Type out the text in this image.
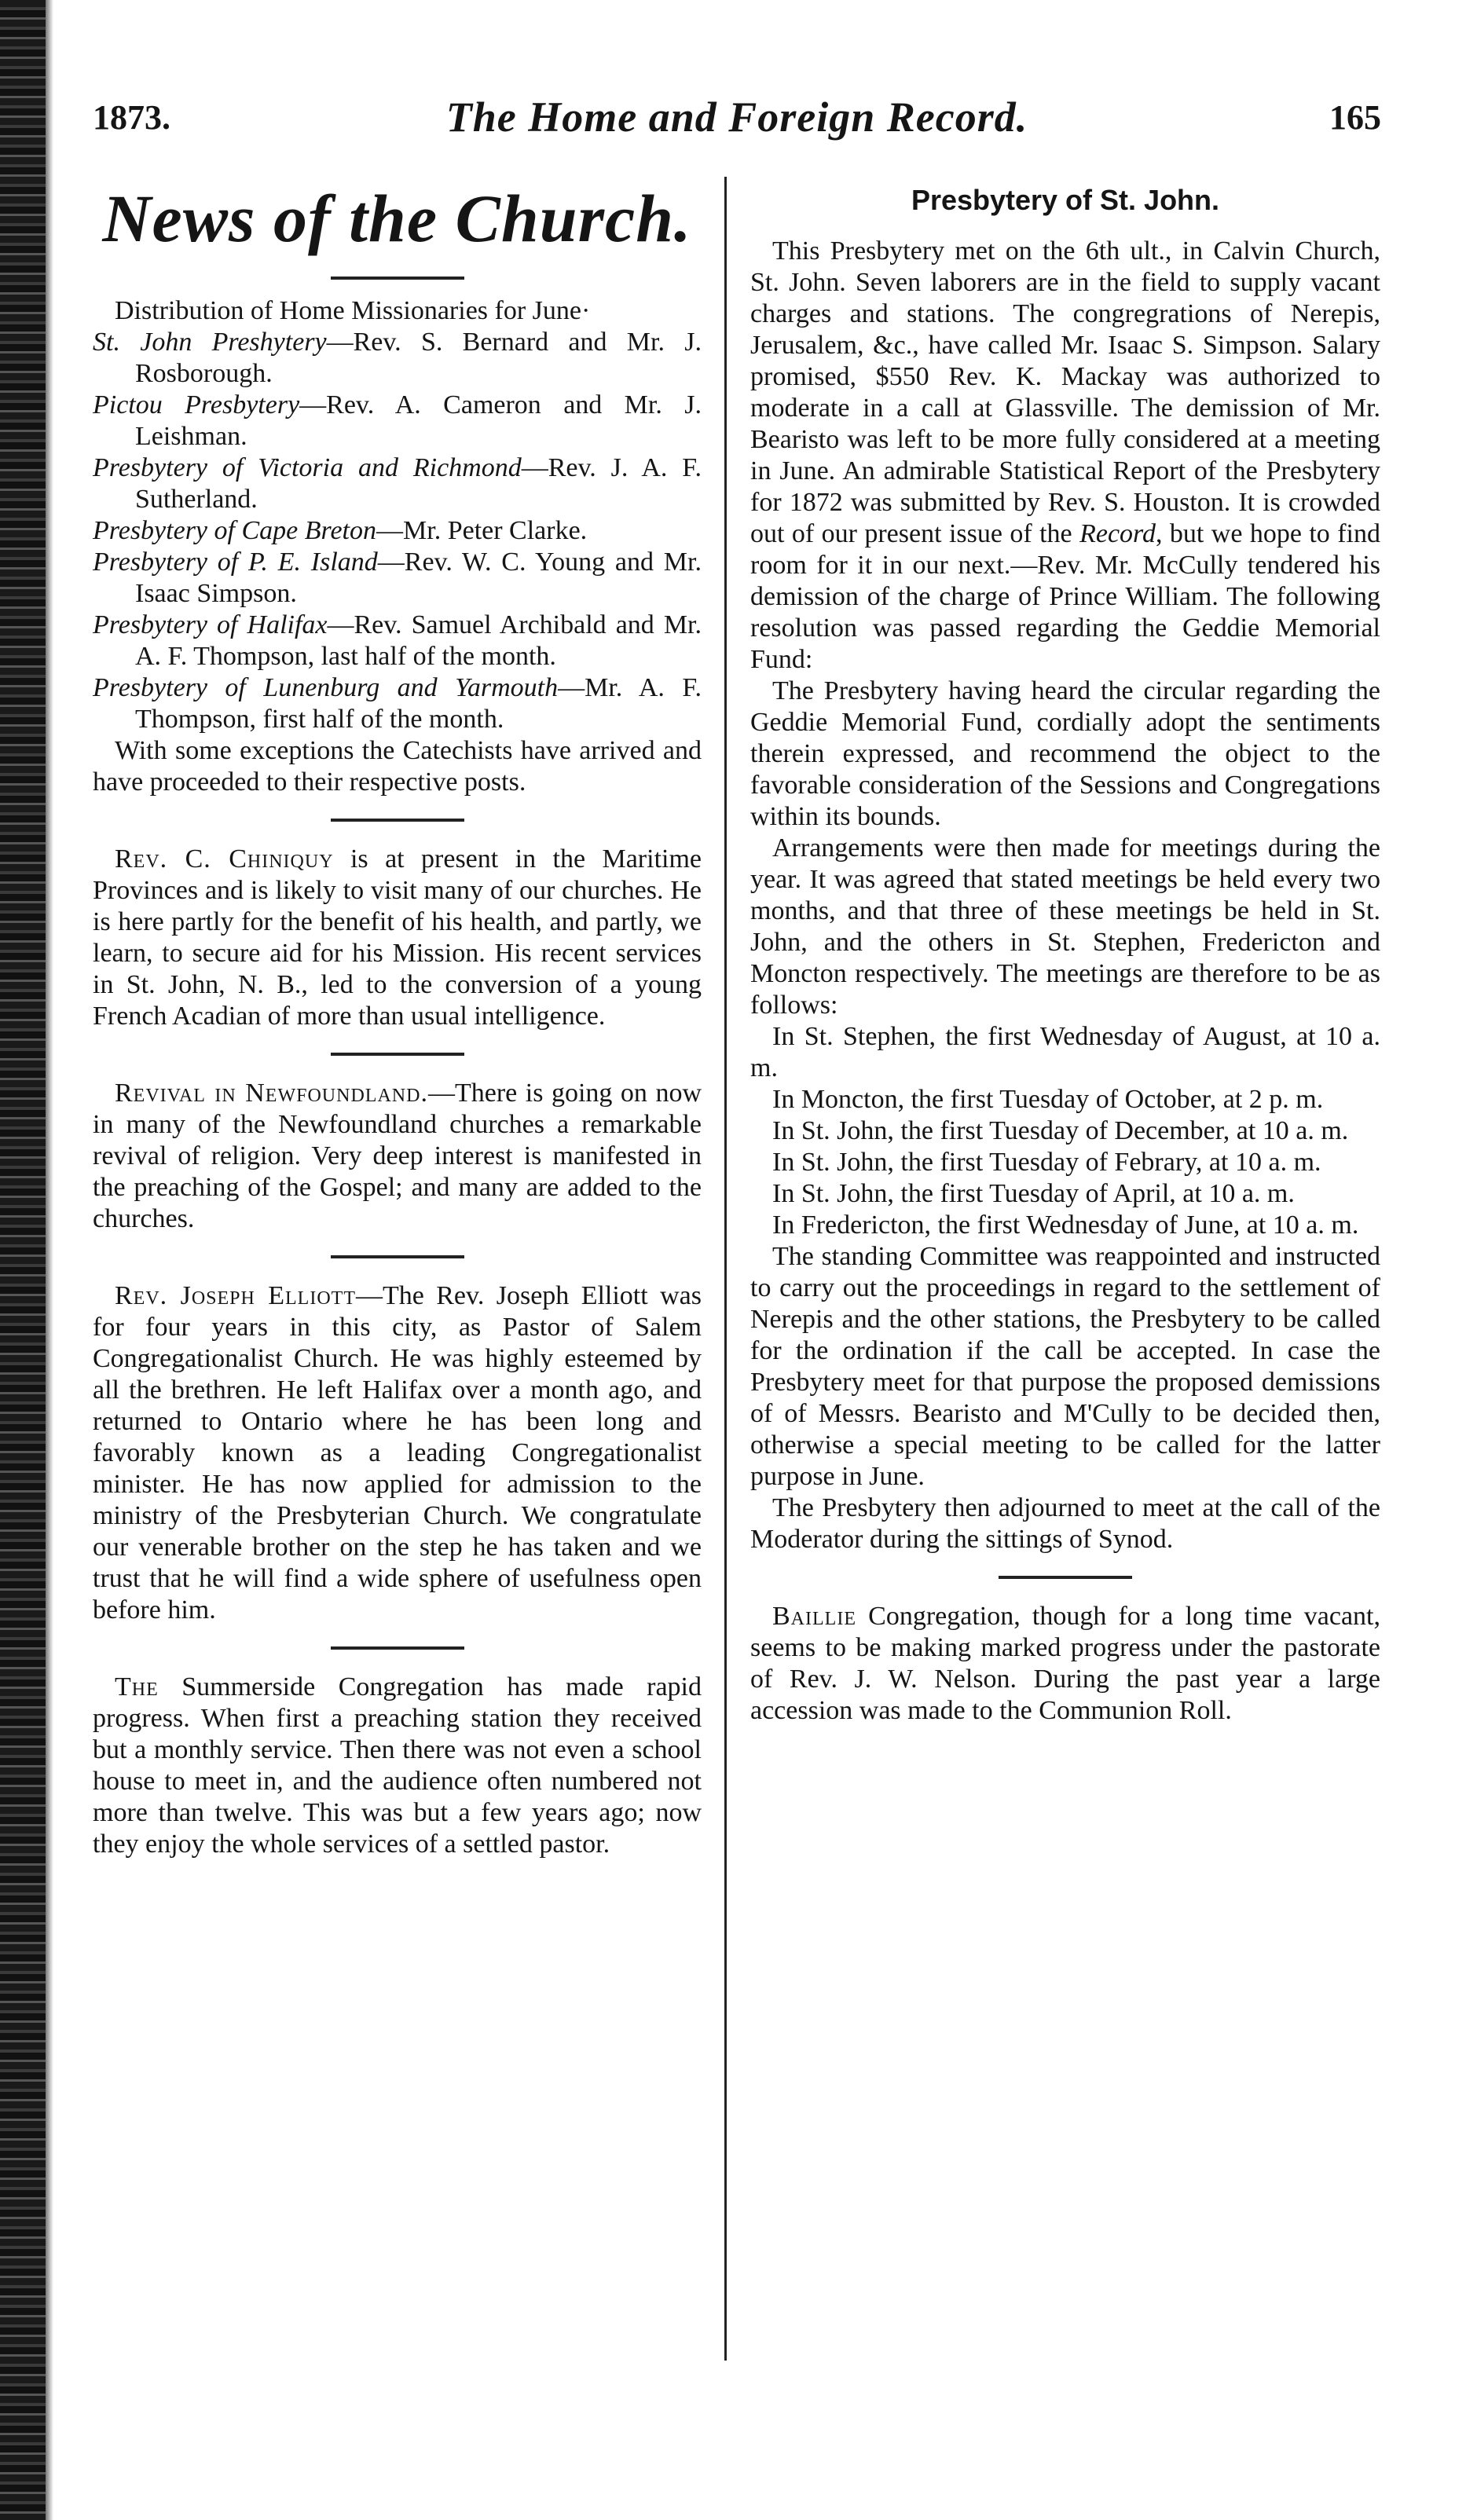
1873.	The Home and Foreign Record.	165
News of the Church.

Distribution of Home Missionaries for June·

St. John Preshytery—Rev. S. Bernard and Mr. J. Rosborough.

Pictou Presbytery—Rev. A. Cameron and Mr. J. Leishman.

Presbytery of Victoria and Richmond—Rev. J. A. F. Sutherland.

Presbytery of Cape Breton—Mr. Peter Clarke.

Presbytery of P. E. Island—Rev. W. C. Young and Mr. Isaac Simpson.

Presbytery of Halifax—Rev. Samuel Archibald and Mr. A. F. Thompson, last half of the month.

Presbytery of Lunenburg and Yarmouth—Mr. A. F. Thompson, first half of the month.

With some exceptions the Catechists have arrived and have proceeded to their respective posts.

Rev. C. Chiniquy is at present in the Maritime Provinces and is likely to visit many of our churches. He is here partly for the benefit of his health, and partly, we learn, to secure aid for his Mission. His recent services in St. John, N. B., led to the conversion of a young French Acadian of more than usual intelligence.

Revival in Newfoundland.—There is going on now in many of the Newfoundland churches a remarkable revival of religion. Very deep interest is manifested in the preaching of the Gospel; and many are added to the churches.

Rev. Joseph Elliott—The Rev. Joseph Elliott was for four years in this city, as Pastor of Salem Congregationalist Church. He was highly esteemed by all the brethren. He left Halifax over a month ago, and returned to Ontario where he has been long and favorably known as a leading Congregationalist minister. He has now applied for admission to the ministry of the Presbyterian Church. We congratulate our venerable brother on the step he has taken and we trust that he will find a wide sphere of usefulness open before him.

The Summerside Congregation has made rapid progress. When first a preaching station they received but a monthly service. Then there was not even a school house to meet in, and the audience often numbered not more than twelve. This was but a few years ago; now they enjoy the whole services of a settled pastor.

Presbytery of St. John.

This Presbytery met on the 6th ult., in Calvin Church, St. John. Seven laborers are in the field to supply vacant charges and stations. The congregrations of Nerepis, Jerusalem, &c., have called Mr. Isaac S. Simpson. Salary promised, $550 Rev. K. Mackay was authorized to moderate in a call at Glassville. The demission of Mr. Bearisto was left to be more fully considered at a meeting in June. An admirable Statistical Report of the Presbytery for 1872 was submitted by Rev. S. Houston. It is crowded out of our present issue of the Record, but we hope to find room for it in our next.—Rev. Mr. McCully tendered his demission of the charge of Prince William. The following resolution was passed regarding the Geddie Memorial Fund:

The Presbytery having heard the circular regarding the Geddie Memorial Fund, cordially adopt the sentiments therein expressed, and recommend the object to the favorable consideration of the Sessions and Congregations within its bounds.

Arrangements were then made for meetings during the year. It was agreed that stated meetings be held every two months, and that three of these meetings be held in St. John, and the others in St. Stephen, Fredericton and Moncton respectively. The meetings are therefore to be as follows:

In St. Stephen, the first Wednesday of August, at 10 a. m.

In Moncton, the first Tuesday of October, at 2 p. m.

In St. John, the first Tuesday of December, at 10 a. m.

In St. John, the first Tuesday of Febrary, at 10 a. m.

In St. John, the first Tuesday of April, at 10 a. m.

In Fredericton, the first Wednesday of June, at 10 a. m.

The standing Committee was reappointed and instructed to carry out the proceedings in regard to the settlement of Nerepis and the other stations, the Presbytery to be called for the ordination if the call be accepted. In case the Presbytery meet for that purpose the proposed demissions of of Messrs. Bearisto and M'Cully to be decided then, otherwise a special meeting to be called for the latter purpose in June.

The Presbytery then adjourned to meet at the call of the Moderator during the sittings of Synod.

Baillie Congregation, though for a long time vacant, seems to be making marked progress under the pastorate of Rev. J. W. Nelson. During the past year a large accession was made to the Communion Roll.
